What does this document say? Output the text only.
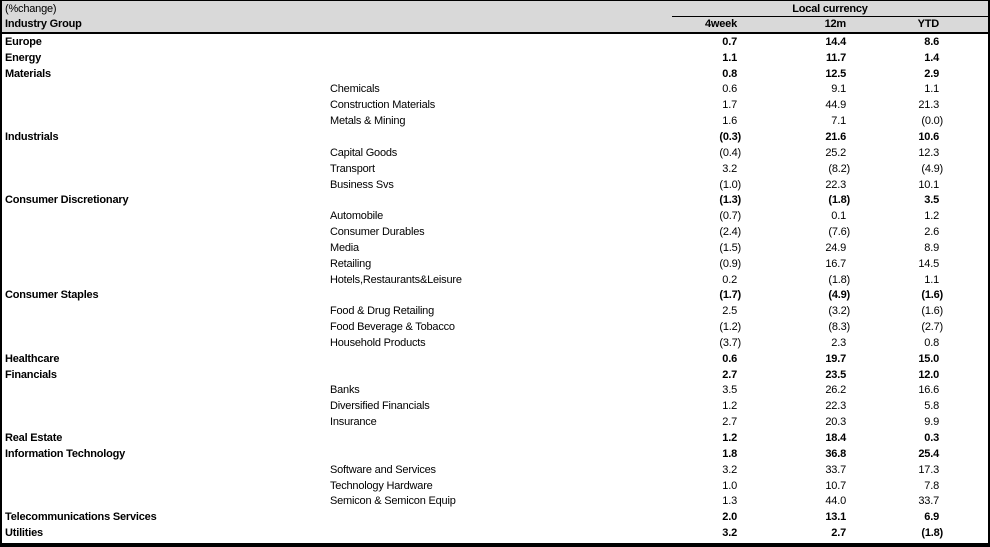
Local currency
(%change)
Industry Group	4week	12m	YTD
Europe	0.7	14.4	8.6
Energy	1.1	11.7	1.4
Materials	0.8	12.5	2.9
Chemicals	0.6	9.1	1.1
Construction Materials	1.7	44.9	21.3
Metals & Mining	1.6	7.1	(0.0)
Industrials	(0.3)	21.6	10.6
Capital Goods	(0.4)	25.2	12.3
Transport	3.2	(8.2)	(4.9)
Business Svs	(1.0)	22.3	10.1
Consumer Discretionary	(1.3)	(1.8)	3.5
Automobile	(0.7)	0.1	1.2
Consumer Durables	(2.4)	(7.6)	2.6
Media	(1.5)	24.9	8.9
Retailing	(0.9)	16.7	14.5
Hotels,Restaurants&Leisure	0.2	(1.8)	1.1
Consumer Staples	(1.7)	(4.9)	(1.6)
Food & Drug Retailing	2.5	(3.2)	(1.6)
Food Beverage & Tobacco	(1.2)	(8.3)	(2.7)
Household Products	(3.7)	2.3	0.8
Healthcare	0.6	19.7	15.0
Financials	2.7	23.5	12.0
Banks	3.5	26.2	16.6
Diversified Financials	1.2	22.3	5.8
Insurance	2.7	20.3	9.9
Real Estate	1.2	18.4	0.3
Information Technology	1.8	36.8	25.4
Software and Services	3.2	33.7	17.3
Technology Hardware	1.0	10.7	7.8
Semicon & Semicon Equip	1.3	44.0	33.7
Telecommunications Services	2.0	13.1	6.9
Utilities	3.2	2.7	(1.8)
